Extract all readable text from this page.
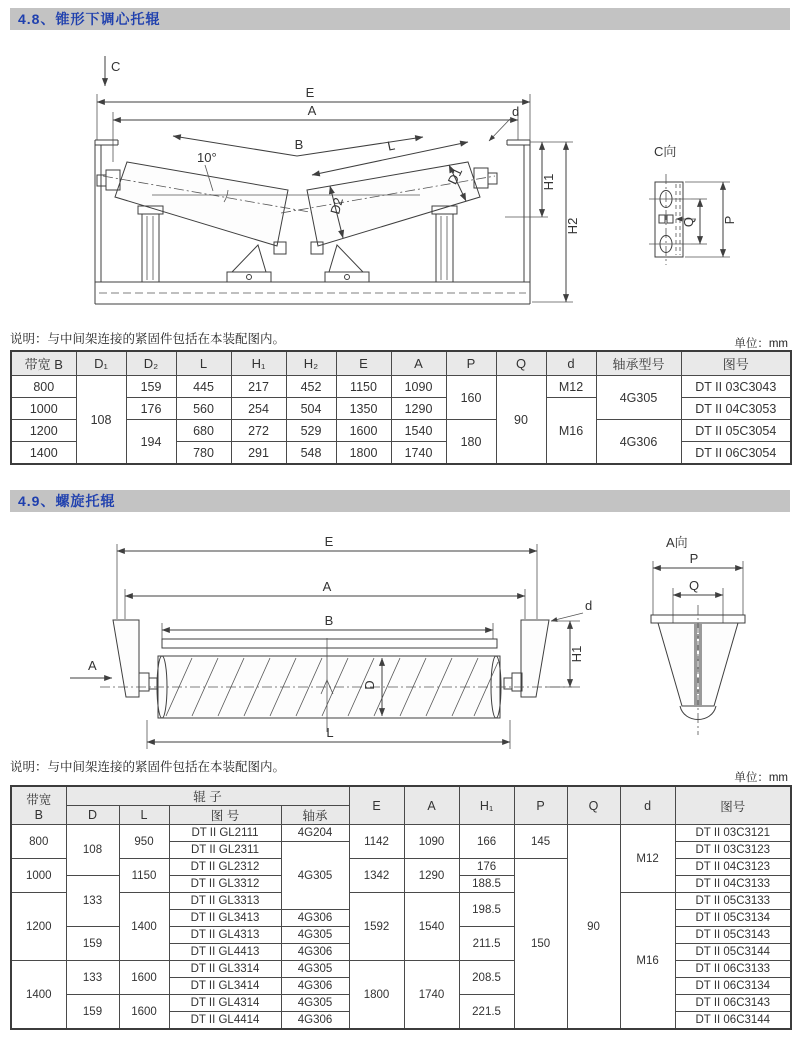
4.8、锥形下调心托辊
C
E
A
B	L
10°
D1
D2
d
H1
H2
C向
Q P
说明：与中间架连接的紧固件包括在本装配图内。	单位：mm
带宽 B	D₁	D₂	L	H₁	H₂	E	A	P	Q	d	轴承型号	图号
800	108	159	445	217	452	1150	1090	160	90	M12	4G305	DT II 03C3043
1000		176	560	254	504	1350	1290			M16		DT II 04C3053
1200		194	680	272	529	1600	1540	180			4G306	DT II 05C3054
1400			780	291	548	1800	1740					DT II 06C3054
4.9、螺旋托辊
E
A
B
d
D
L
H1
A
A向
P
Q
说明：与中间架连接的紧固件包括在本装配图内。
单位：mm
带宽
B	辊 子				E	A	H₁	P	Q	d	图号
	D	L	图 号	轴承							
800	108	950	DT II GL2111	4G204	1142	1090	166	145	90	M12	DT II 03C3121
			DT II GL2311	4G305							DT II 03C3123
1000		1150	DT II GL2312		1342	1290	176	150			DT II 04C3123
	133		DT II GL3312				188.5				DT II 04C3133
1200		1400	DT II GL3313		1592	1540	198.5			M16	DT II 05C3133
			DT II GL3413	4G306							DT II 05C3134
	159		DT II GL4313	4G305			211.5				DT II 05C3143
			DT II GL4413	4G306							DT II 05C3144
1400	133	1600	DT II GL3314	4G305	1800	1740	208.5				DT II 06C3133
			DT II GL3414	4G306							DT II 06C3134
	159	1600	DT II GL4314	4G305			221.5				DT II 06C3143
			DT II GL4414	4G306							DT II 06C3144
